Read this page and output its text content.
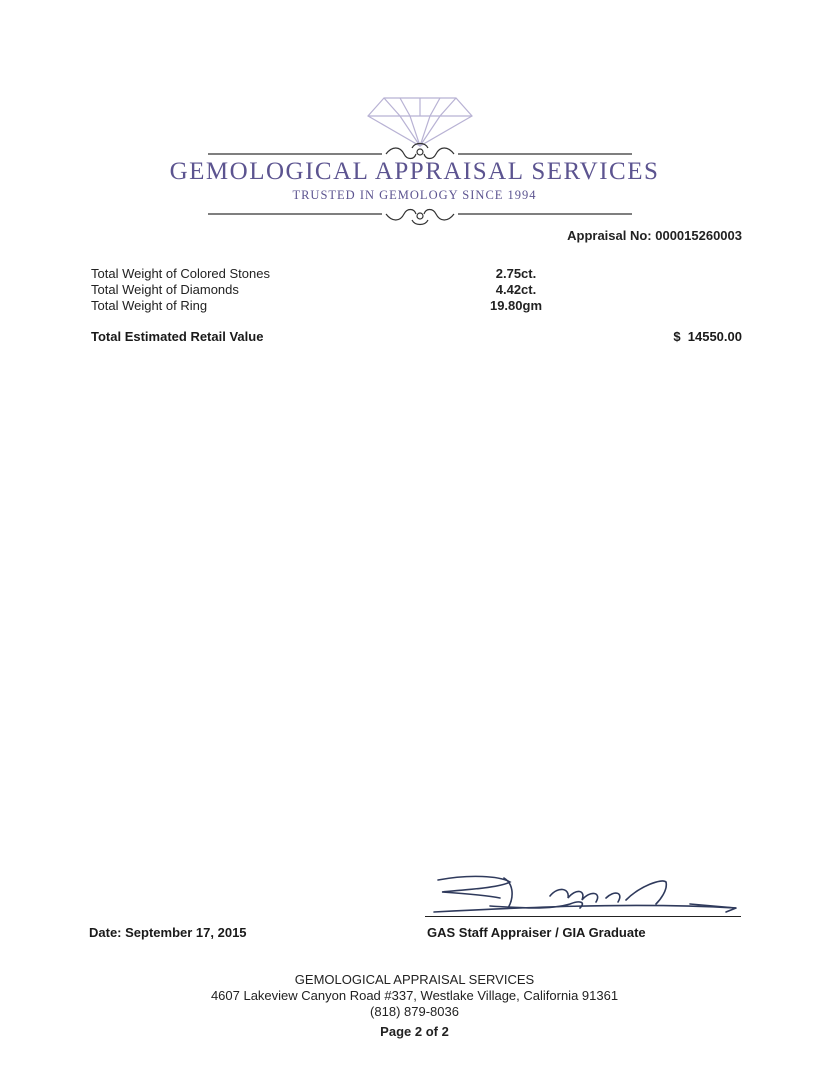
GEMOLOGICAL APPRAISAL SERVICES
TRUSTED IN GEMOLOGY SINCE 1994
Appraisal No: 000015260003
Total Weight of Colored Stones	2.75ct.
Total Weight of Diamonds	4.42ct.
Total Weight of Ring	19.80gm
Total Estimated Retail Value	$  14550.00
Date: September 17, 2015	GAS Staff Appraiser / GIA Graduate
GEMOLOGICAL APPRAISAL SERVICES
4607 Lakeview Canyon Road #337, Westlake Village, California 91361
(818) 879-8036
Page 2 of 2
